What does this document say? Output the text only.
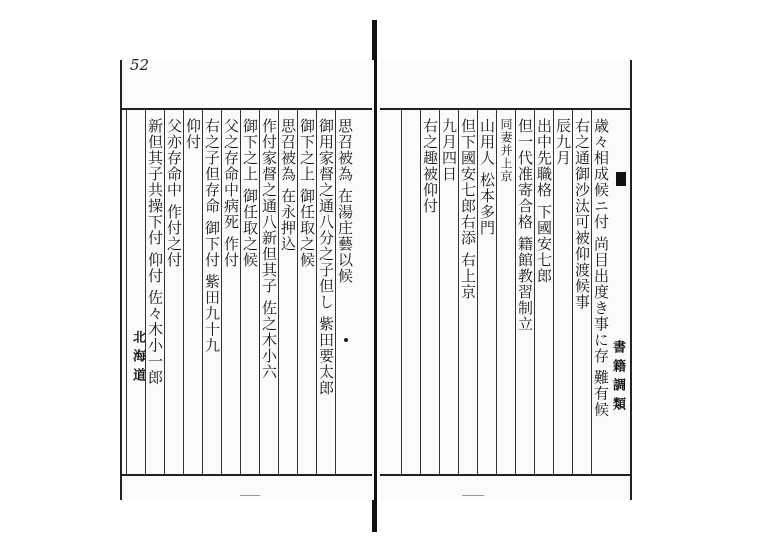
北海道
思召被為 在湯庄藝以候
御用家督之通八分之子但し 紫田要太郎
御下之上 御任取之候
思召被為 在永押込
作付家督之通八新但其子 佐之木小六
御下之上 御任取之候
父之存命中病死 作付
右之子但存命 御下付 紫田九十九
仰付
父亦存命中 作付之付
新但其子共操下付 仰付 佐々木小一郎	書籍調類
歳々相成候ニ付 尚目出度き事に存 難有候
右之通御沙汰可被仰渡候事
辰九月
出中先職格 下國安七郎
但一代准寄合格 籍館教習制立
同妻并上京
山用人 松本多門
但下國安七郎右添 右上京
九月四日
右之趣被仰付
52
